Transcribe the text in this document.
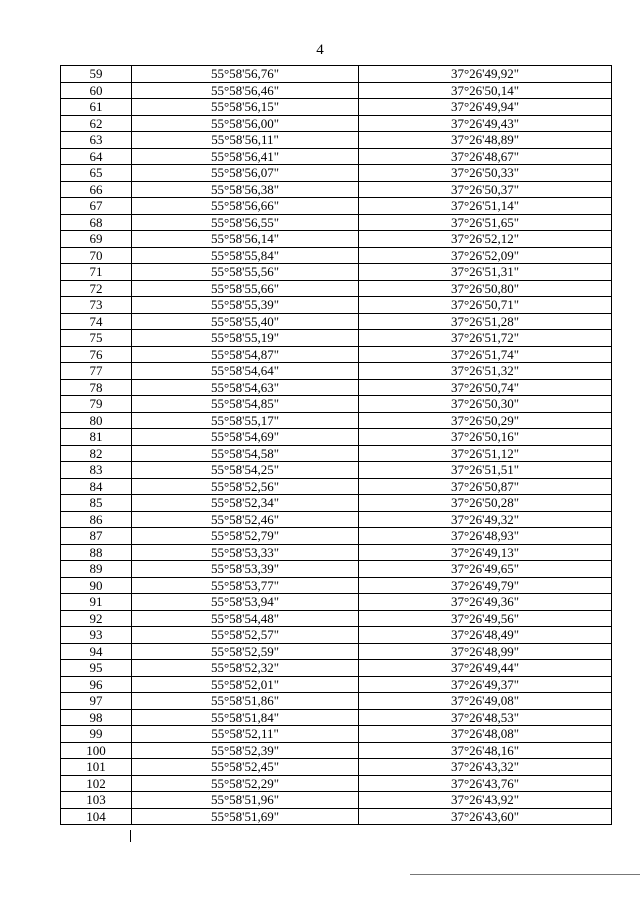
4
59	55°58'56,76"	37°26'49,92"
60	55°58'56,46"	37°26'50,14"
61	55°58'56,15"	37°26'49,94"
62	55°58'56,00"	37°26'49,43"
63	55°58'56,11"	37°26'48,89"
64	55°58'56,41"	37°26'48,67"
65	55°58'56,07"	37°26'50,33"
66	55°58'56,38"	37°26'50,37"
67	55°58'56,66"	37°26'51,14"
68	55°58'56,55"	37°26'51,65"
69	55°58'56,14"	37°26'52,12"
70	55°58'55,84"	37°26'52,09"
71	55°58'55,56"	37°26'51,31"
72	55°58'55,66"	37°26'50,80"
73	55°58'55,39"	37°26'50,71"
74	55°58'55,40"	37°26'51,28"
75	55°58'55,19"	37°26'51,72"
76	55°58'54,87"	37°26'51,74"
77	55°58'54,64"	37°26'51,32"
78	55°58'54,63"	37°26'50,74"
79	55°58'54,85"	37°26'50,30"
80	55°58'55,17"	37°26'50,29"
81	55°58'54,69"	37°26'50,16"
82	55°58'54,58"	37°26'51,12"
83	55°58'54,25"	37°26'51,51"
84	55°58'52,56"	37°26'50,87"
85	55°58'52,34"	37°26'50,28"
86	55°58'52,46"	37°26'49,32"
87	55°58'52,79"	37°26'48,93"
88	55°58'53,33"	37°26'49,13"
89	55°58'53,39"	37°26'49,65"
90	55°58'53,77"	37°26'49,79"
91	55°58'53,94"	37°26'49,36"
92	55°58'54,48"	37°26'49,56"
93	55°58'52,57"	37°26'48,49"
94	55°58'52,59"	37°26'48,99"
95	55°58'52,32"	37°26'49,44"
96	55°58'52,01"	37°26'49,37"
97	55°58'51,86"	37°26'49,08"
98	55°58'51,84"	37°26'48,53"
99	55°58'52,11"	37°26'48,08"
100	55°58'52,39"	37°26'48,16"
101	55°58'52,45"	37°26'43,32"
102	55°58'52,29"	37°26'43,76"
103	55°58'51,96"	37°26'43,92"
104	55°58'51,69"	37°26'43,60"
